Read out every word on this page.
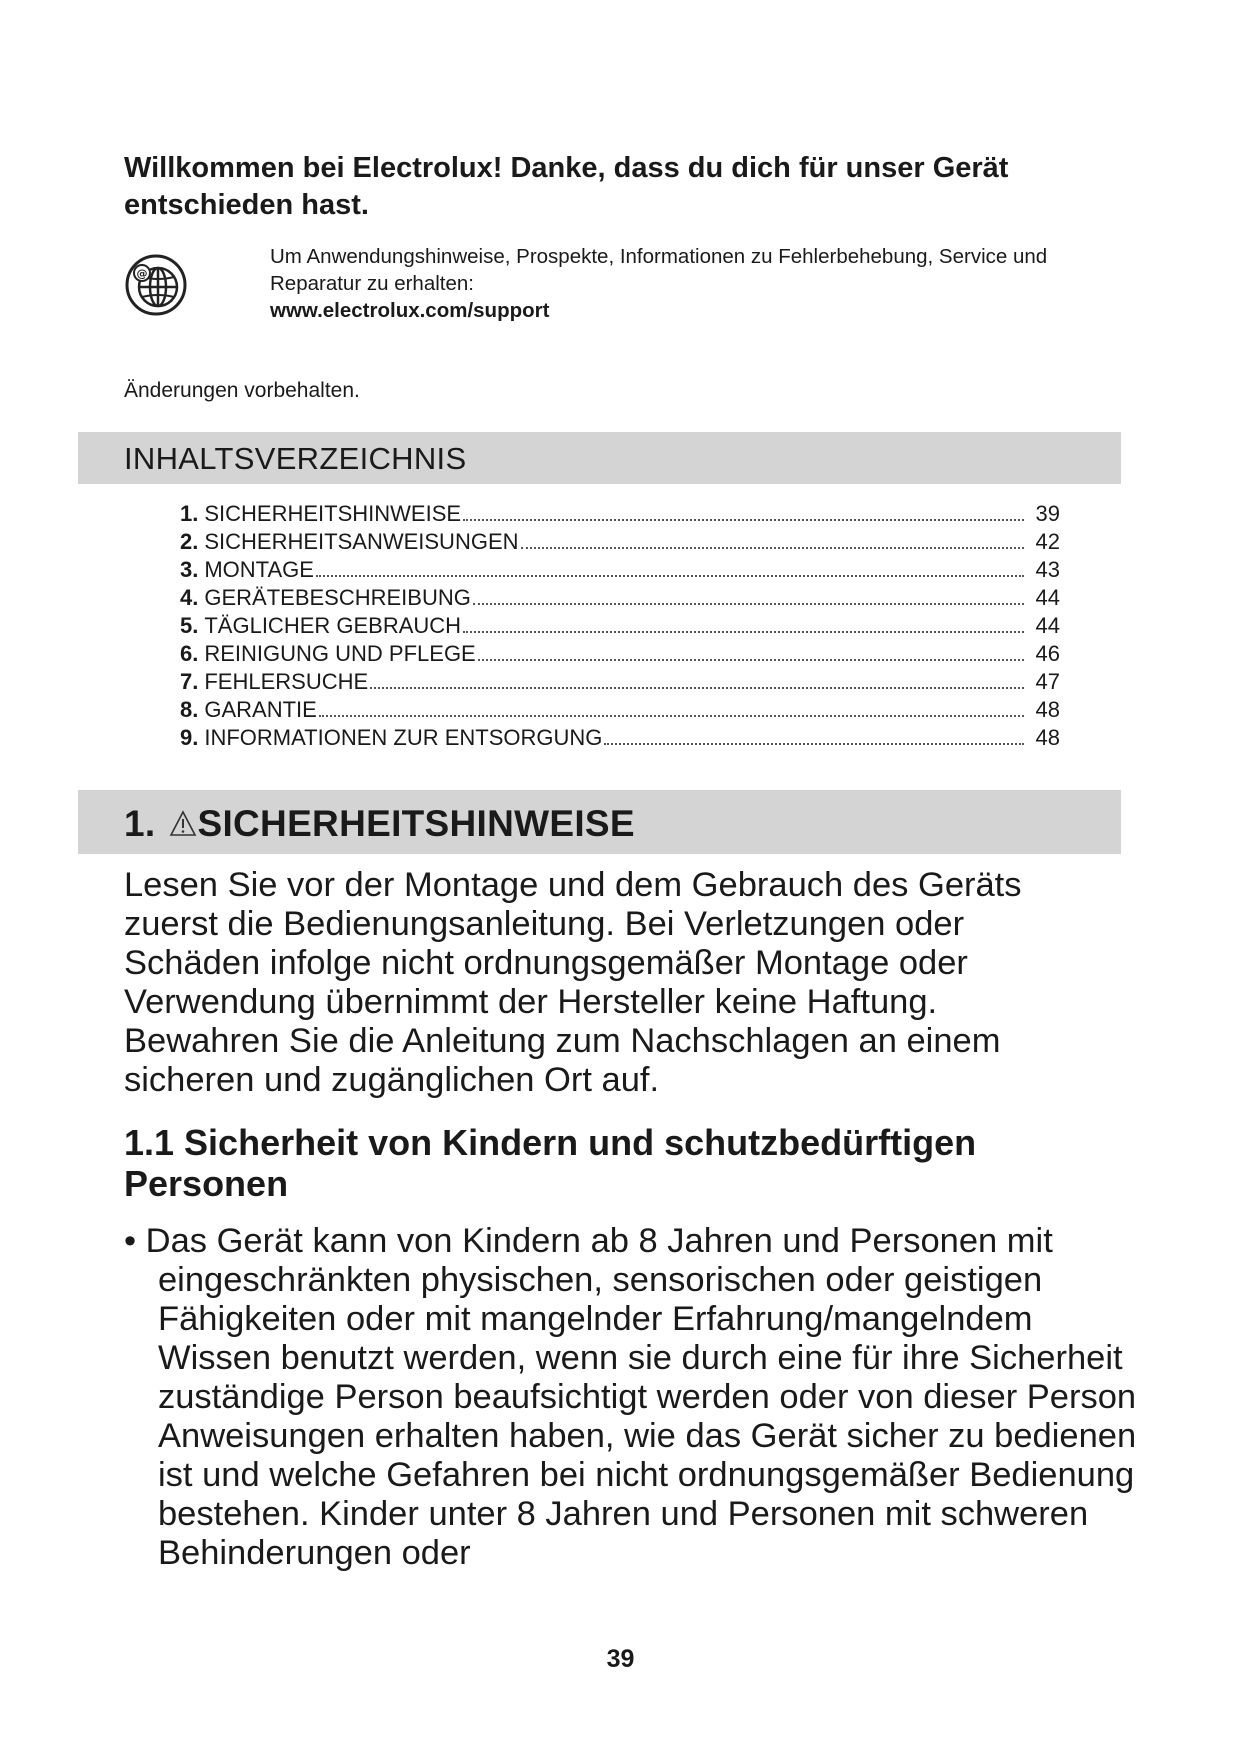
Willkommen bei Electrolux! Danke, dass du dich für unser Gerät entschieden hast.
@
Um Anwendungshinweise, Prospekte, Informationen zu Fehlerbehebung, Service und Reparatur zu erhalten:
www.electrolux.com/support
Änderungen vorbehalten.
INHALTSVERZEICHNIS
1. SICHERHEITSHINWEISE	39
2. SICHERHEITSANWEISUNGEN	42
3. MONTAGE	43
4. GERÄTEBESCHREIBUNG	44
5. TÄGLICHER GEBRAUCH	44
6. REINIGUNG UND PFLEGE	46
7. FEHLERSUCHE	47
8. GARANTIE	48
9. INFORMATIONEN ZUR ENTSORGUNG	48
1. SICHERHEITSHINWEISE

Lesen Sie vor der Montage und dem Gebrauch des Geräts zuerst die Bedienungsanleitung. Bei Verletzungen oder Schäden infolge nicht ordnungsgemäßer Montage oder Verwendung übernimmt der Hersteller keine Haftung. Bewahren Sie die Anleitung zum Nachschlagen an einem sicheren und zugänglichen Ort auf.

1.1 Sicherheit von Kindern und schutzbedürftigen Personen

• Das Gerät kann von Kindern ab 8 Jahren und Personen mit eingeschränkten physischen, sensorischen oder geistigen Fähigkeiten oder mit mangelnder Erfahrung/mangelndem Wissen benutzt werden, wenn sie durch eine für ihre Sicherheit zuständige Person beaufsichtigt werden oder von dieser Person Anweisungen erhalten haben, wie das Gerät sicher zu bedienen ist und welche Gefahren bei nicht ordnungsgemäßer Bedienung bestehen. Kinder unter 8 Jahren und Personen mit schweren Behinderungen oder

39
